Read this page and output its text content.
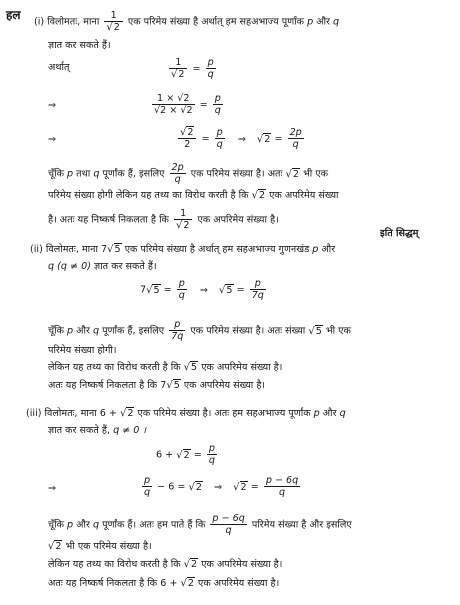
हल (i) विलोमतः, माना $\frac{1}{√2}$ एक परिमेय संख्या है अर्थात् हम सहअभाज्य पूर्णांक p और q
ज्ञात कर सकते हैं।
अर्थात्	$\frac{1}{√2} = \frac{p}{q}$
⇒	$\frac{1 \times √2}{√2 \times √2} = \frac{p}{q}$
⇒	$\frac{√2}{2} = \frac{p}{q}$ ⇒ $√2 = \frac{2p}{q}$
चूँकि p तथा q पूर्णांक हैं, इसलिए $\frac{2p}{q}$ एक परिमेय संख्या है। अतः √2 भी एक
परिमेय संख्या होगी लेकिन यह तथ्य का विरोध करती है कि √2 एक अपरिमेय संख्या
है। अतः यह निष्कर्ष निकलता है कि $\frac{1}{√2}$ एक अपरिमेय संख्या है।
इति सिद्धम्
(ii) विलोमतः, माना 7√5 एक परिमेय संख्या है अर्थात् हम सहअभाज्य गुणनखंड p और
q (q ≠ 0) ज्ञात कर सकते हैं।
$7√5 = \frac{p}{q}$ ⇒ $√5 = \frac{p}{7q}$
चूँकि p और q पूर्णांक हैं, इसलिए $\frac{p}{7q}$ एक परिमेय संख्या है। अतः संख्या √5 भी एक
परिमेय संख्या होगी।
लेकिन यह तथ्य का विरोध करती है कि √5 एक अपरिमेय संख्या है।
अतः यह निष्कर्ष निकलता है कि 7√5 एक अपरिमेय संख्या है।
(iii) विलोमतः, माना 6 + √2 एक परिमेय संख्या है। अतः हम सहअभाज्य पूर्णांक p और q
ज्ञात कर सकते हैं, q ≠ 0 ।
$6 + √2 = \frac{p}{q}$
⇒	$\frac{p}{q} - 6 = √2$ ⇒ $√2 = \frac{p - 6q}{q}$
चूँकि p और q पूर्णांक हैं। अतः हम पाते हैं कि $\frac{p - 6q}{q}$ परिमेय संख्या है और इसलिए
√2 भी एक परिमेय संख्या है।
लेकिन यह तथ्य का विरोध करती है कि √2 एक अपरिमेय संख्या है।
अतः यह निष्कर्ष निकलता है कि 6 + √2 एक अपरिमेय संख्या है।
